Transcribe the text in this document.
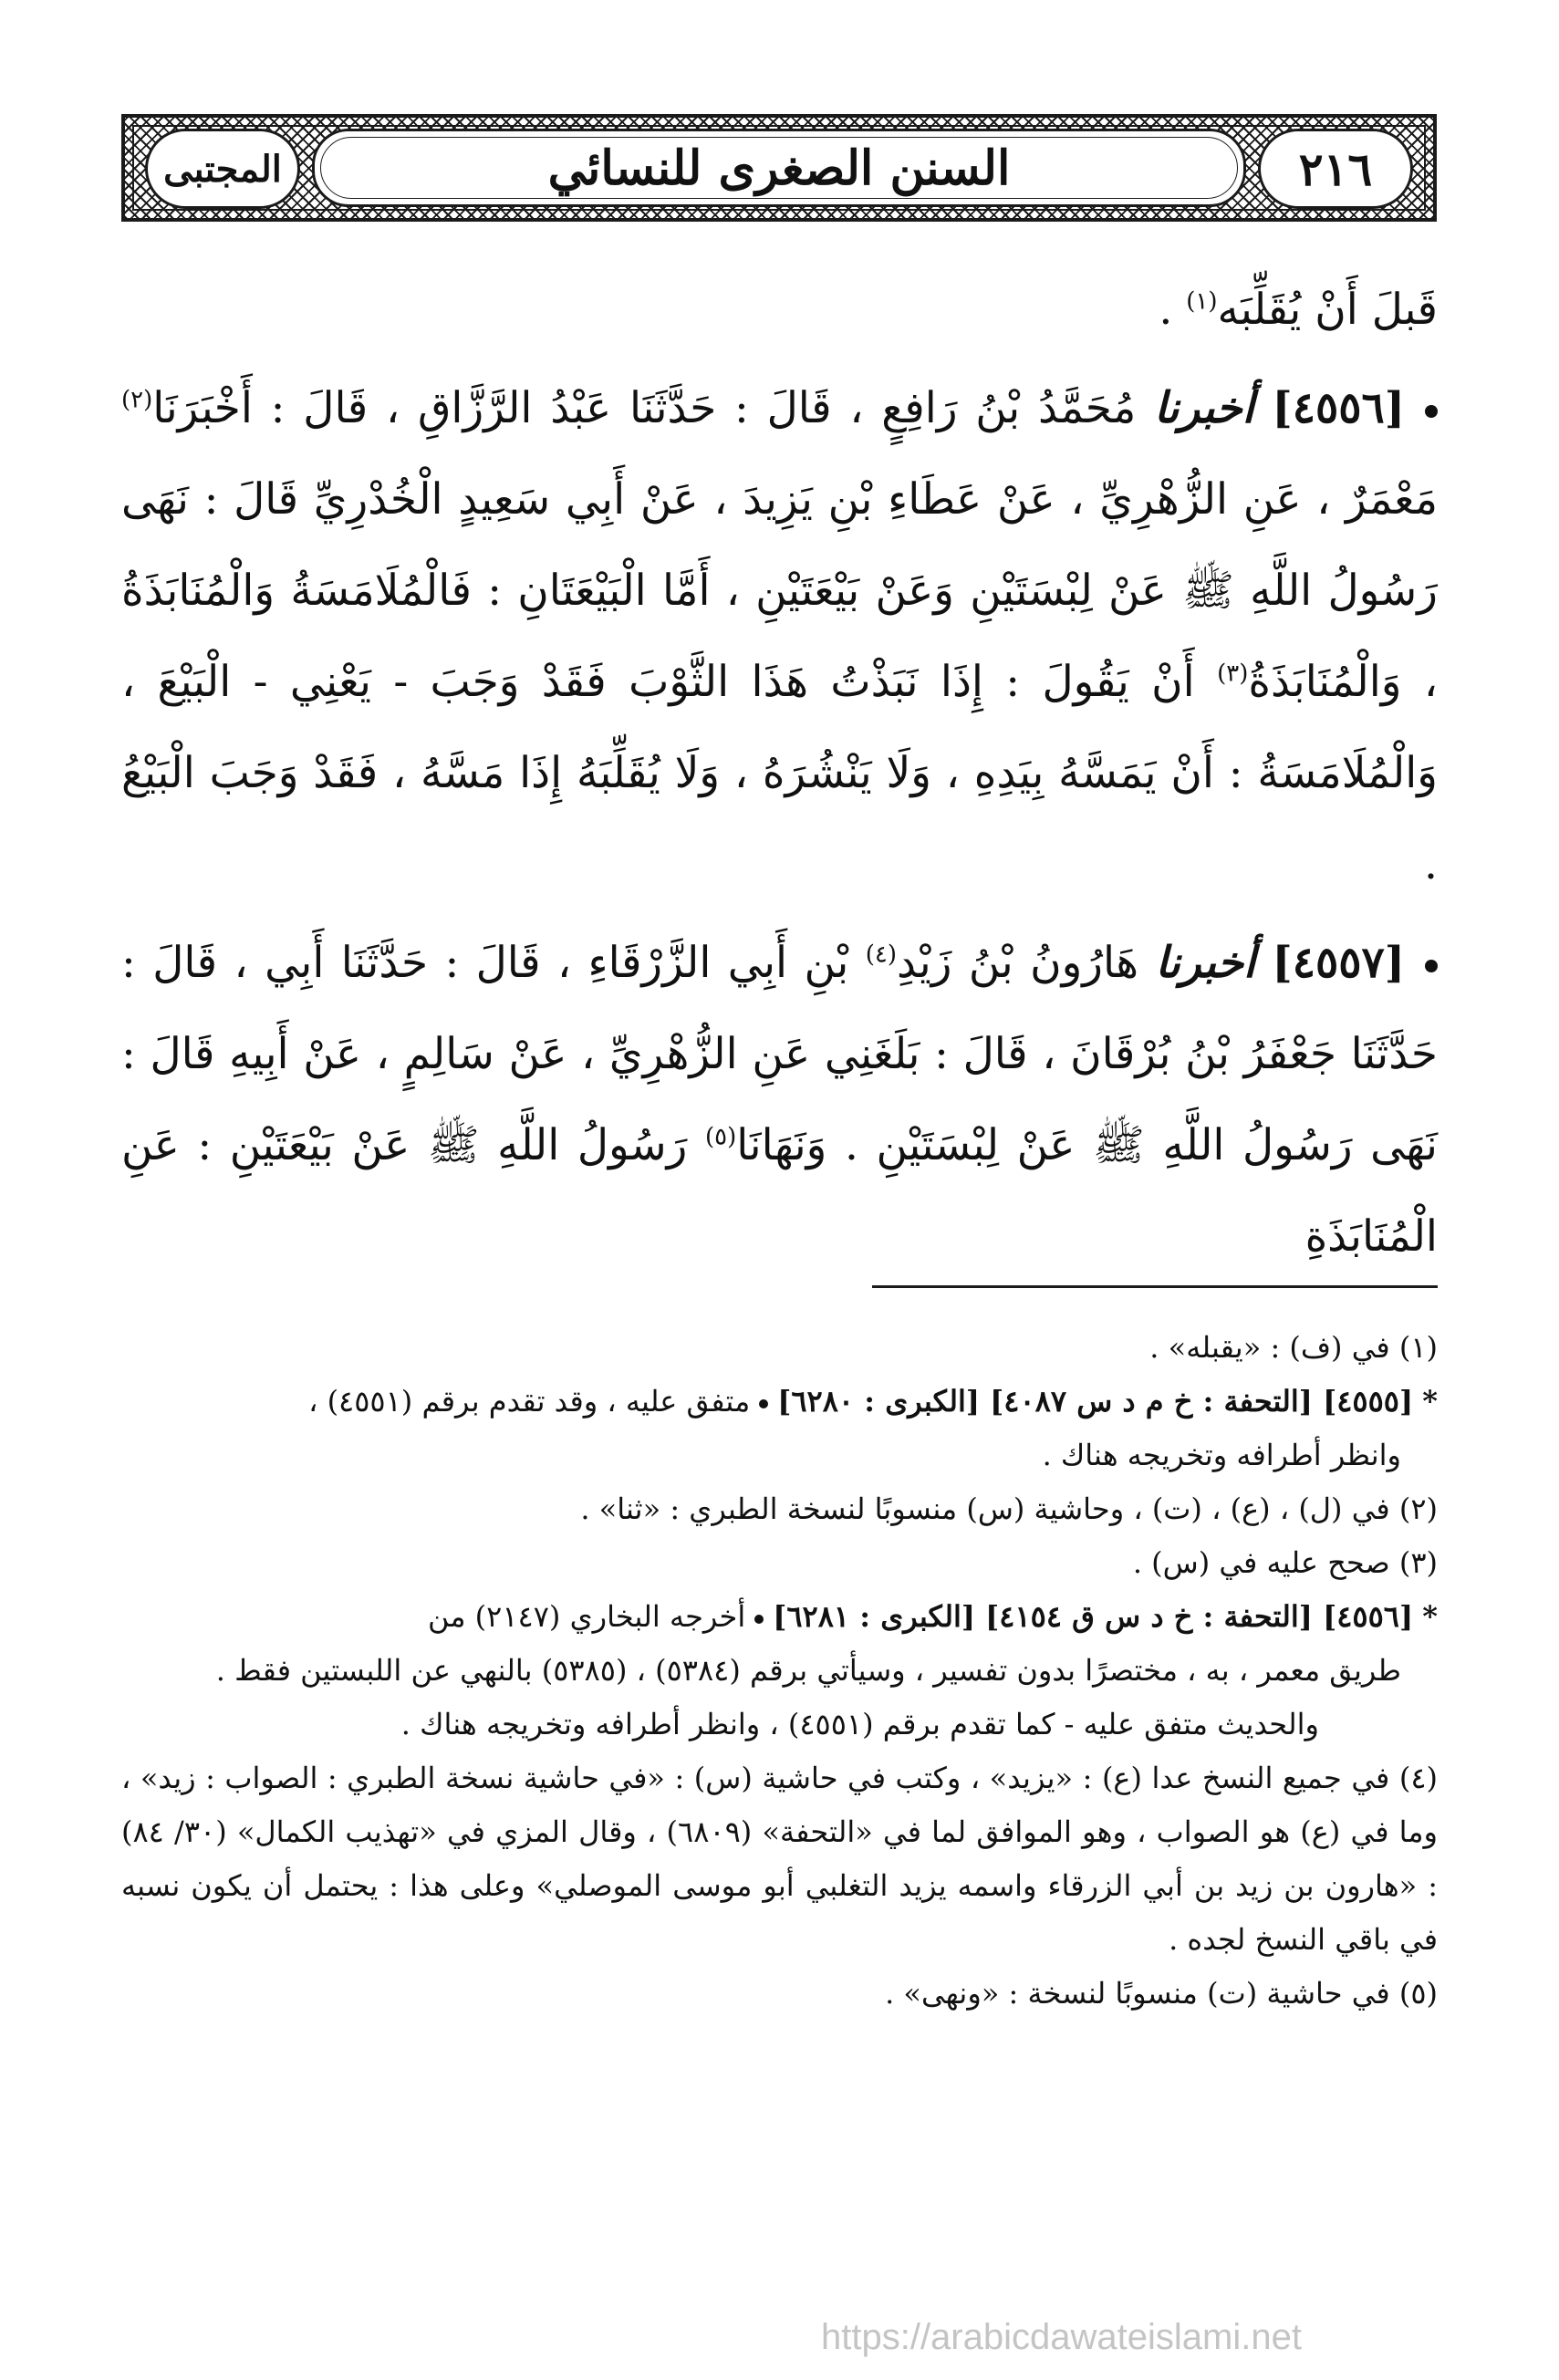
٢١٦
السنن الصغرى للنسائي
المجتبى

قَبلَ أَنْ يُقَلِّبَه$^{(١)}$ .

[٤٥٥٦] أخبرنا مُحَمَّدُ بْنُ رَافِعٍ ، قَالَ : حَدَّثَنَا عَبْدُ الرَّزَّاقِ ، قَالَ : أَخْبَرَنَا$^{(٢)}$ مَعْمَرٌ ، عَنِ الزُّهْرِيِّ ، عَنْ عَطَاءِ بْنِ يَزِيدَ ، عَنْ أَبِي سَعِيدٍ الْخُدْرِيِّ قَالَ : نَهَى رَسُولُ اللَّهِ ﷺ عَنْ لِبْسَتَيْنِ وَعَنْ بَيْعَتَيْنِ ، أَمَّا الْبَيْعَتَانِ : فَالْمُلَامَسَةُ وَالْمُنَابَذَةُ ، وَالْمُنَابَذَةُ$^{(٣)}$ أَنْ يَقُولَ : إِذَا نَبَذْتُ هَذَا الثَّوْبَ فَقَدْ وَجَبَ - يَعْنِي - الْبَيْعَ ، وَالْمُلَامَسَةُ : أَنْ يَمَسَّهُ بِيَدِهِ ، وَلَا يَنْشُرَهُ ، وَلَا يُقَلِّبَهُ إِذَا مَسَّهُ ، فَقَدْ وَجَبَ الْبَيْعُ .

[٤٥٥٧] أخبرنا هَارُونُ بْنُ زَيْدِ$^{(٤)}$ بْنِ أَبِي الزَّرْقَاءِ ، قَالَ : حَدَّثَنَا أَبِي ، قَالَ : حَدَّثَنَا جَعْفَرُ بْنُ بُرْقَانَ ، قَالَ : بَلَغَنِي عَنِ الزُّهْرِيِّ ، عَنْ سَالِمٍ ، عَنْ أَبِيهِ قَالَ : نَهَى رَسُولُ اللَّهِ ﷺ عَنْ لِبْسَتَيْنِ . وَنَهَانَا$^{(٥)}$ رَسُولُ اللَّهِ ﷺ عَنْ بَيْعَتَيْنِ : عَنِ الْمُنَابَذَةِ

(١) في (ف) : «يقبله» .

* [٤٥٥٥] [التحفة : خ م د س ٤٠٨٧] [الكبرى : ٦٢٨٠]متفق عليه ، وقد تقدم برقم (٤٥٥١) ،

وانظر أطرافه وتخريجه هناك .

(٢) في (ل) ، (ع) ، (ت) ، وحاشية (س) منسوبًا لنسخة الطبري : «ثنا» .

(٣) صحح عليه في (س) .

* [٤٥٥٦] [التحفة : خ د س ق ٤١٥٤] [الكبرى : ٦٢٨١]أخرجه البخاري (٢١٤٧) من

طريق معمر ، به ، مختصرًا بدون تفسير ، وسيأتي برقم (٥٣٨٤) ، (٥٣٨٥) بالنهي عن اللبستين فقط .

والحديث متفق عليه - كما تقدم برقم (٤٥٥١) ، وانظر أطرافه وتخريجه هناك .

(٤) في جميع النسخ عدا (ع) : «يزيد» ، وكتب في حاشية (س) : «في حاشية نسخة الطبري : الصواب : زيد» ، وما في (ع) هو الصواب ، وهو الموافق لما في «التحفة» (٦٨٠٩) ، وقال المزي في «تهذيب الكمال» (٣٠/ ٨٤) : «هارون بن زيد بن أبي الزرقاء واسمه يزيد التغلبي أبو موسى الموصلي» وعلى هذا : يحتمل أن يكون نسبه في باقي النسخ لجده .

(٥) في حاشية (ت) منسوبًا لنسخة : «ونهى» .

https://arabicdawateislami.net
